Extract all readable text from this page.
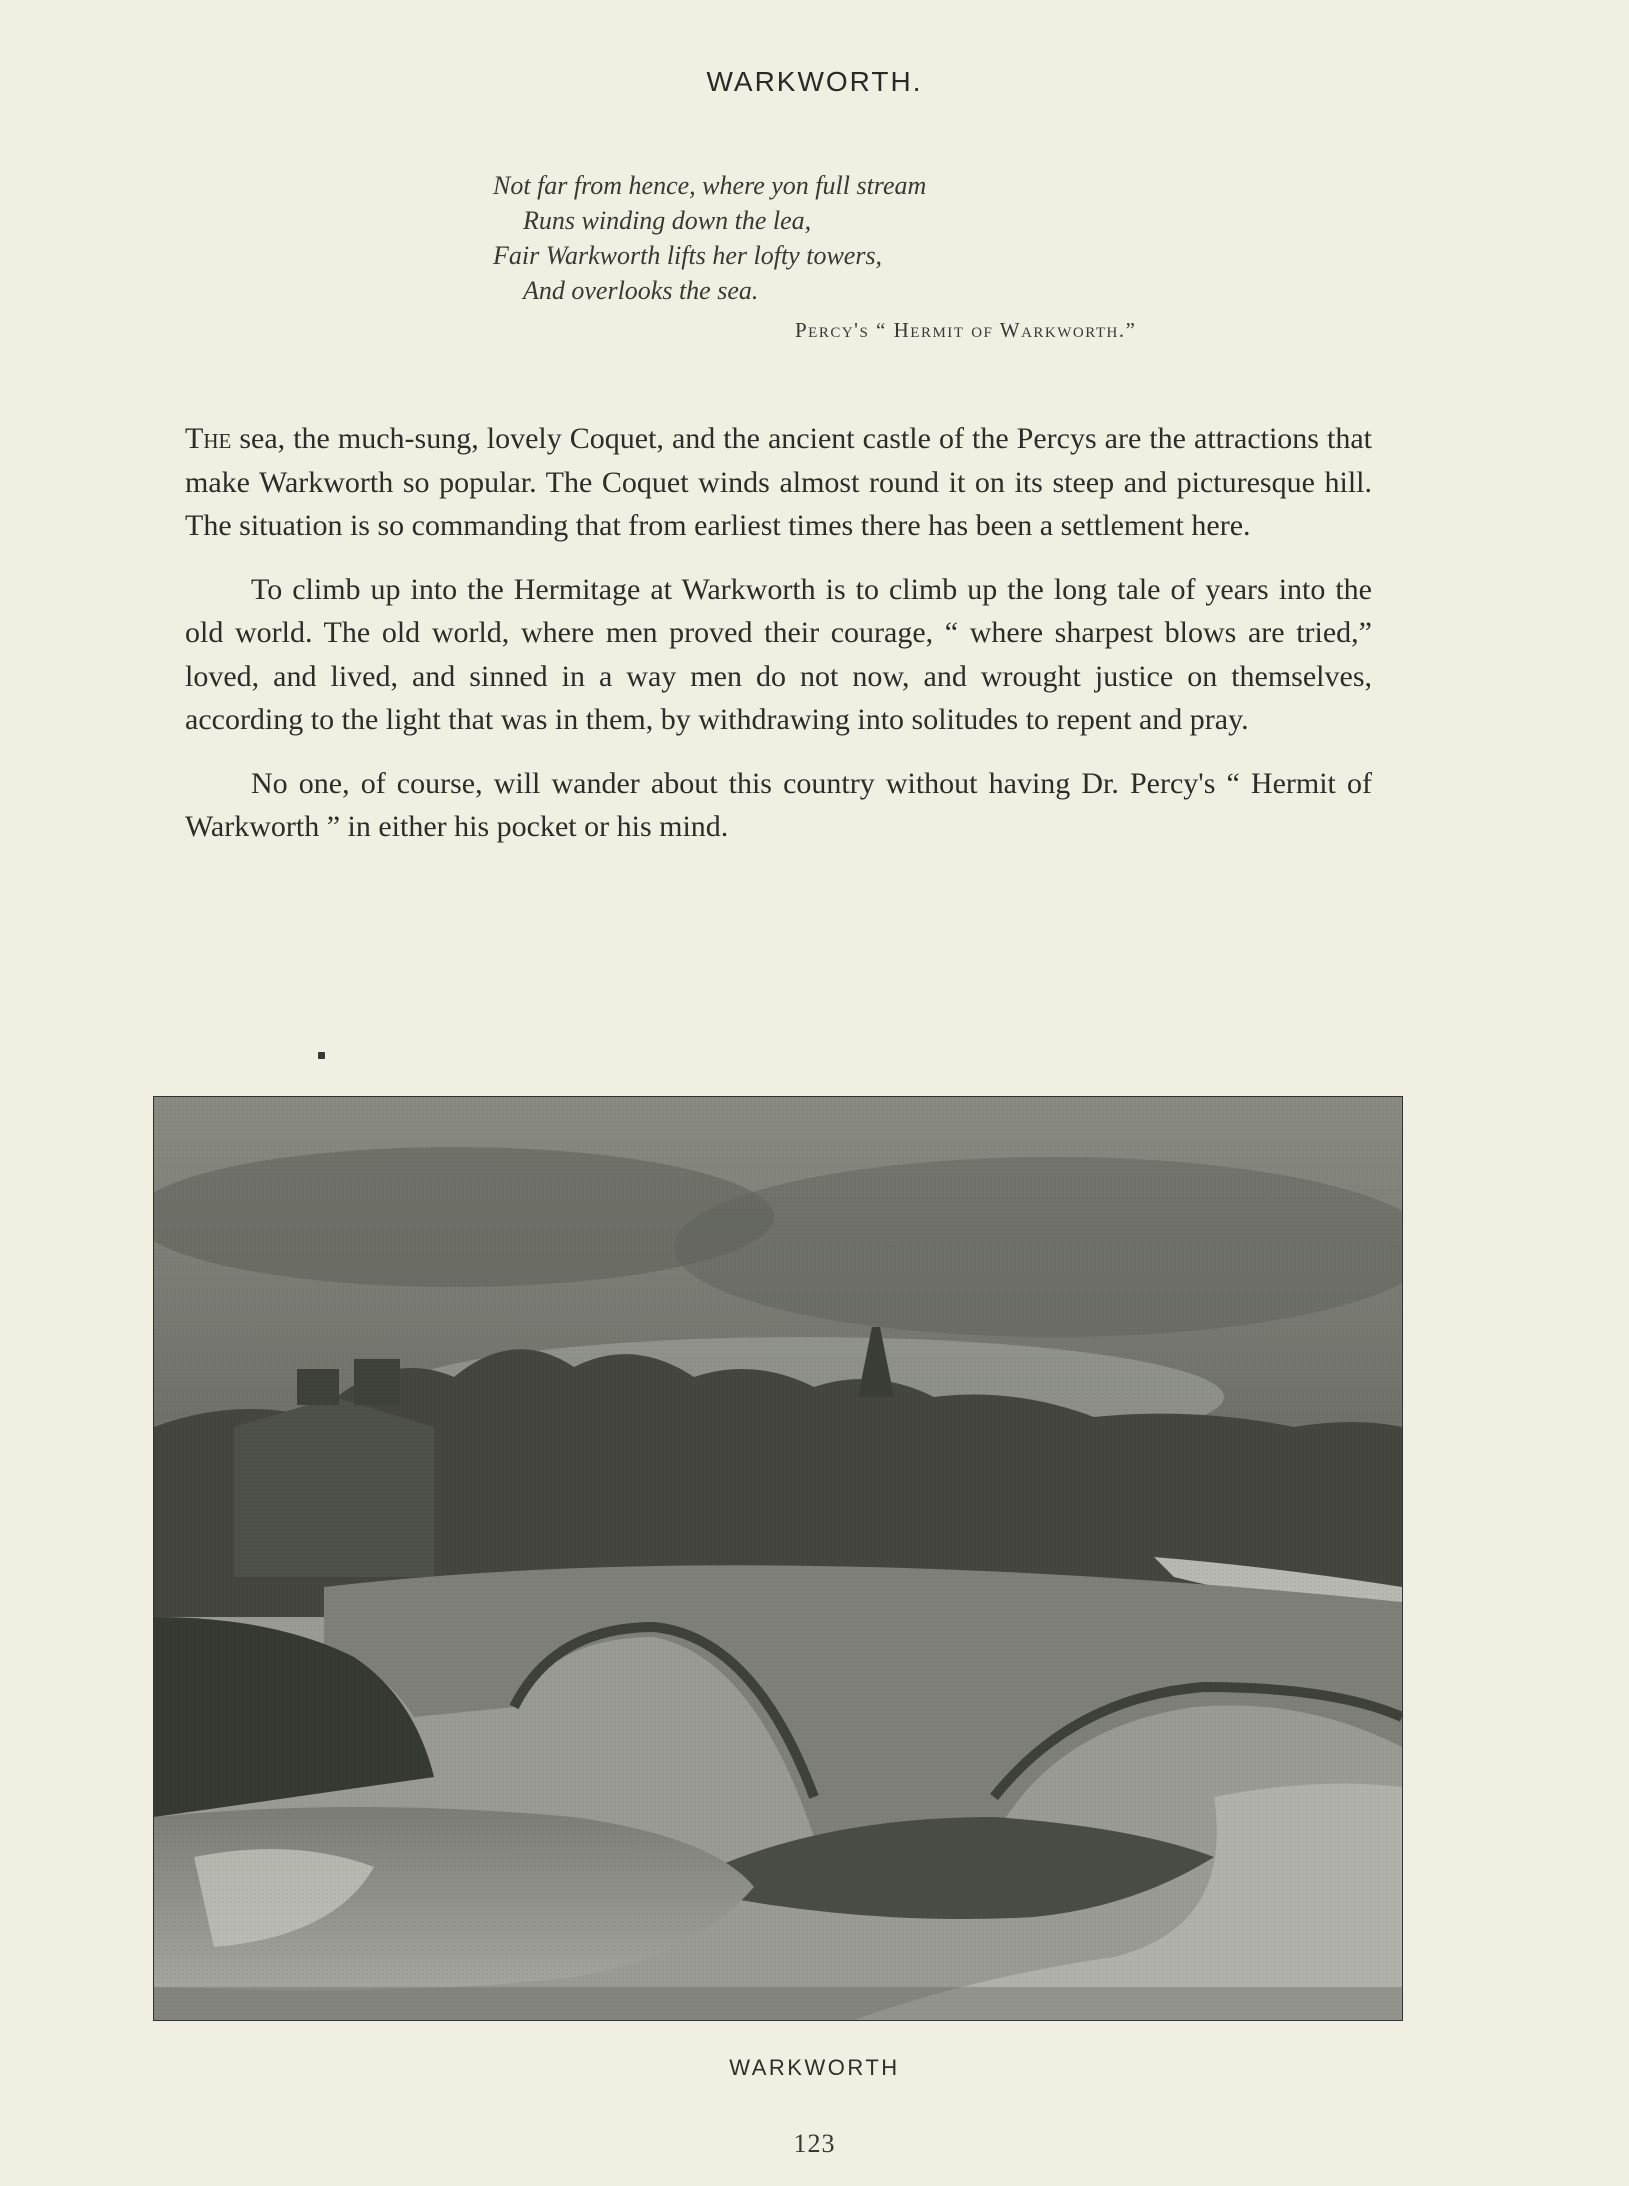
WARKWORTH.
Not far from hence, where yon full stream
Runs winding down the lea,
Fair Warkworth lifts her lofty towers,
And overlooks the sea.
Percy's “ Hermit of Warkworth.”

The sea, the much-sung, lovely Coquet, and the ancient castle of the Percys are the attractions that make Warkworth so popular. The Coquet winds almost round it on its steep and picturesque hill. The situation is so commanding that from earliest times there has been a settlement here.

To climb up into the Hermitage at Warkworth is to climb up the long tale of years into the old world. The old world, where men proved their courage, “ where sharpest blows are tried,” loved, and lived, and sinned in a way men do not now, and wrought justice on themselves, according to the light that was in them, by withdrawing into solitudes to repent and pray.

No one, of course, will wander about this country without having Dr. Percy's “ Hermit of Warkworth ” in either his pocket or his mind.

WARKWORTH
123
